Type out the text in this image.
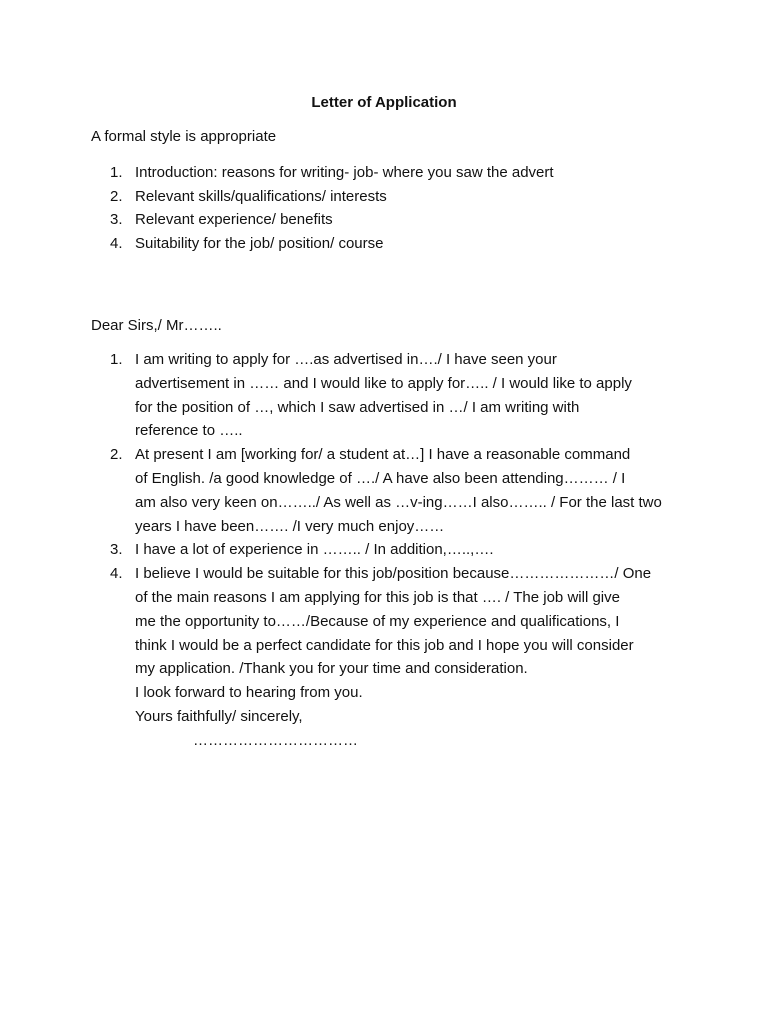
Letter of Application
A formal style is appropriate
1. Introduction: reasons for writing- job- where you saw the advert
2. Relevant skills/qualifications/ interests
3. Relevant experience/ benefits
4. Suitability for the job/ position/ course
Dear Sirs,/ Mr……..
1. I am writing to apply for ….as advertised in…./ I have seen your
advertisement in …… and I would like to apply for….. / I would like to apply
for the position of …, which I saw advertised in …/ I am writing with
reference to …..
2. At present I am [working for/ a student at…] I have a reasonable command
of English. /a good knowledge of …./ A have also been attending……… / I
am also very keen on……../ As well as …v-ing……I also…….. / For the last two
years I have been……. /I very much enjoy……
3. I have a lot of experience in …….. / In addition,…..,….
4. I believe I would be suitable for this job/position because…………………/ One
of the main reasons I am applying for this job is that …. / The job will give
me the opportunity to……/Because of my experience and qualifications, I
think I would be a perfect candidate for this job and I hope you will consider
my application. /Thank you for your time and consideration.
I look forward to hearing from you.
Yours faithfully/ sincerely,
……………………………
